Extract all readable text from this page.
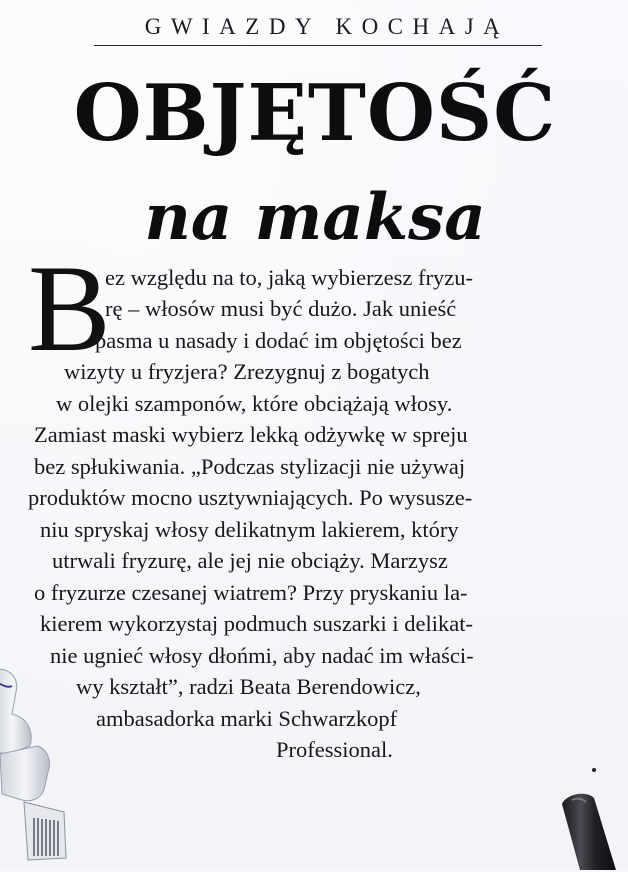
GWIAZDY KOCHAJĄ
OBJĘTOŚĆ
na maksa
B
ez względu na to, jaką wybierzesz fryzu-
rę – włosów musi być dużo. Jak unieść
pasma u nasady i dodać im objętości bez
wizyty u fryzjera? Zrezygnuj z bogatych
w olejki szamponów, które obciążają włosy.
Zamiast maski wybierz lekką odżywkę w spreju
bez spłukiwania. „Podczas stylizacji nie używaj
produktów mocno usztywniających. Po wysusze-
niu spryskaj włosy delikatnym lakierem, który
utrwali fryzurę, ale jej nie obciąży. Marzysz
o fryzurze czesanej wiatrem? Przy pryskaniu la-
kierem wykorzystaj podmuch suszarki i delikat-
nie ugnieć włosy dłońmi, aby nadać im właści-
wy kształt”, radzi Beata Berendowicz,
ambasadorka marki Schwarzkopf
Professional.
